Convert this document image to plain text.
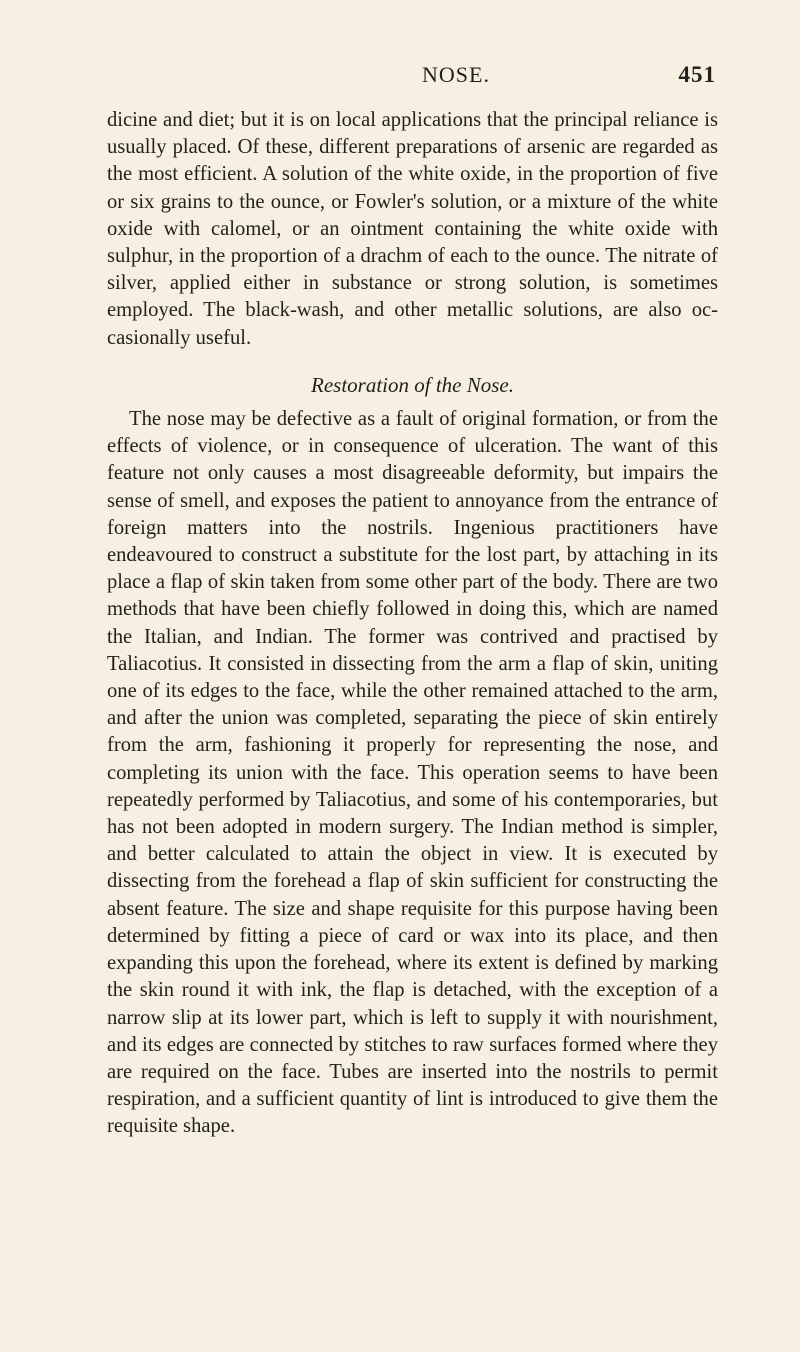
NOSE.	451

dicine and diet; but it is on local applications that the principal reliance is usually placed. Of these, different preparations of arsenic are regarded as the most efficient. A solution of the white oxide, in the proportion of five or six grains to the ounce, or Fowler's solution, or a mixture of the white oxide with calomel, or an ointment containing the white oxide with sulphur, in the proportion of a drachm of each to the ounce. The nitrate of silver, applied either in substance or strong solution, is sometimes employed. The black-wash, and other metallic solutions, are also occasionally useful.

Restoration of the Nose.

The nose may be defective as a fault of original formation, or from the effects of violence, or in consequence of ulceration. The want of this feature not only causes a most disagreeable deformity, but impairs the sense of smell, and exposes the patient to annoyance from the entrance of foreign matters into the nostrils. Ingenious practitioners have endeavoured to construct a substitute for the lost part, by attaching in its place a flap of skin taken from some other part of the body. There are two methods that have been chiefly followed in doing this, which are named the Italian, and Indian. The former was contrived and practised by Taliacotius. It consisted in dissecting from the arm a flap of skin, uniting one of its edges to the face, while the other remained attached to the arm, and after the union was completed, separating the piece of skin entirely from the arm, fashioning it properly for representing the nose, and completing its union with the face. This operation seems to have been repeatedly performed by Taliacotius, and some of his contemporaries, but has not been adopted in modern surgery. The Indian method is simpler, and better calculated to attain the object in view. It is executed by dissecting from the forehead a flap of skin sufficient for constructing the absent feature. The size and shape requisite for this purpose having been determined by fitting a piece of card or wax into its place, and then expanding this upon the forehead, where its extent is defined by marking the skin round it with ink, the flap is detached, with the exception of a narrow slip at its lower part, which is left to supply it with nourishment, and its edges are connected by stitches to raw surfaces formed where they are required on the face. Tubes are inserted into the nostrils to permit respiration, and a sufficient quantity of lint is introduced to give them the requisite shape.
